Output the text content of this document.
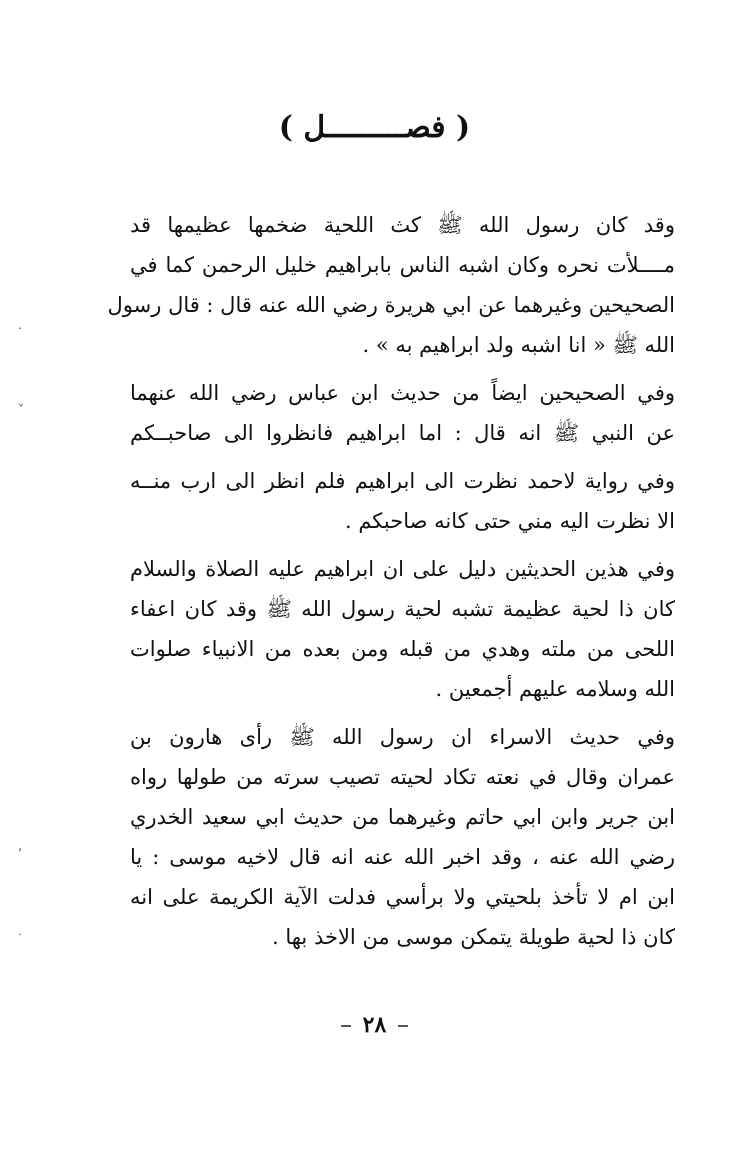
.
ˬ
،
ˎ
( فصـــــــــل )
وقد كان رسول الله ﷺ كث اللحية ضخمها عظيمها قد
مــــلأت نحره وكان اشبه الناس بابراهيم خليل الرحمن كما في
الصحيحين وغيرهما عن ابي هريرة رضي الله عنه قال : قال رسول
الله ﷺ « انا اشبه ولد ابراهيم به » .
وفي الصحيحين ايضاً من حديث ابن عباس رضي الله عنهما
عن النبي ﷺ انه قال : اما ابراهيم فانظروا الى صاحبــكم
وفي رواية لاحمد نظرت الى ابراهيم فلم انظر الى ارب منــه
الا نظرت اليه مني حتى كانه صاحبكم .
وفي هذين الحديثين دليل على ان ابراهيم عليه الصلاة والسلام
كان ذا لحية عظيمة تشبه لحية رسول الله ﷺ وقد كان اعفاء
اللحى من ملته وهدي من قبله ومن بعده من الانبياء صلوات
الله وسلامه عليهم أجمعين .
وفي حديث الاسراء ان رسول الله ﷺ رأى هارون بن
عمران وقال في نعته تكاد لحيته تصيب سرته من طولها رواه
ابن جرير وابن ابي حاتم وغيرهما من حديث ابي سعيد الخدري
رضي الله عنه ، وقد اخبر الله عنه انه قال لاخيه موسى : يا
ابن ام لا تأخذ بلحيتي ولا برأسي فدلت الآية الكريمة على انه
كان ذا لحية طويلة يتمكن موسى من الاخذ بها .
٢٨
